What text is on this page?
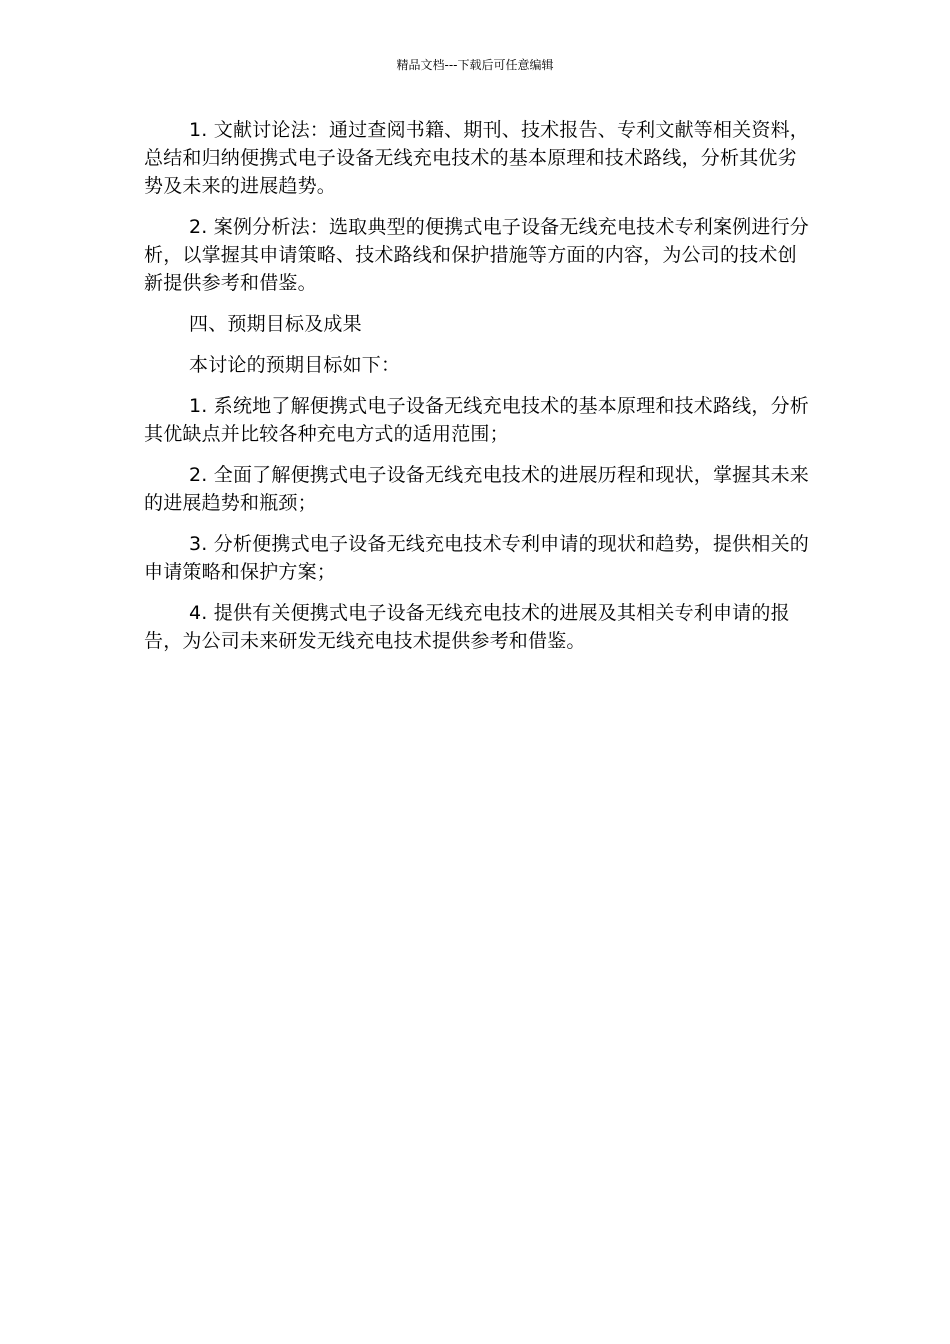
精品文档---下载后可任意编辑

1. 文献讨论法：通过查阅书籍、期刊、技术报告、专利文献等相关资料，总结和归纳便携式电子设备无线充电技术的基本原理和技术路线，分析其优劣势及未来的进展趋势。

2. 案例分析法：选取典型的便携式电子设备无线充电技术专利案例进行分析，以掌握其申请策略、技术路线和保护措施等方面的内容，为公司的技术创新提供参考和借鉴。

四、预期目标及成果

本讨论的预期目标如下：

1. 系统地了解便携式电子设备无线充电技术的基本原理和技术路线，分析其优缺点并比较各种充电方式的适用范围；

2. 全面了解便携式电子设备无线充电技术的进展历程和现状，掌握其未来的进展趋势和瓶颈；

3. 分析便携式电子设备无线充电技术专利申请的现状和趋势，提供相关的申请策略和保护方案；

4. 提供有关便携式电子设备无线充电技术的进展及其相关专利申请的报告，为公司未来研发无线充电技术提供参考和借鉴。
